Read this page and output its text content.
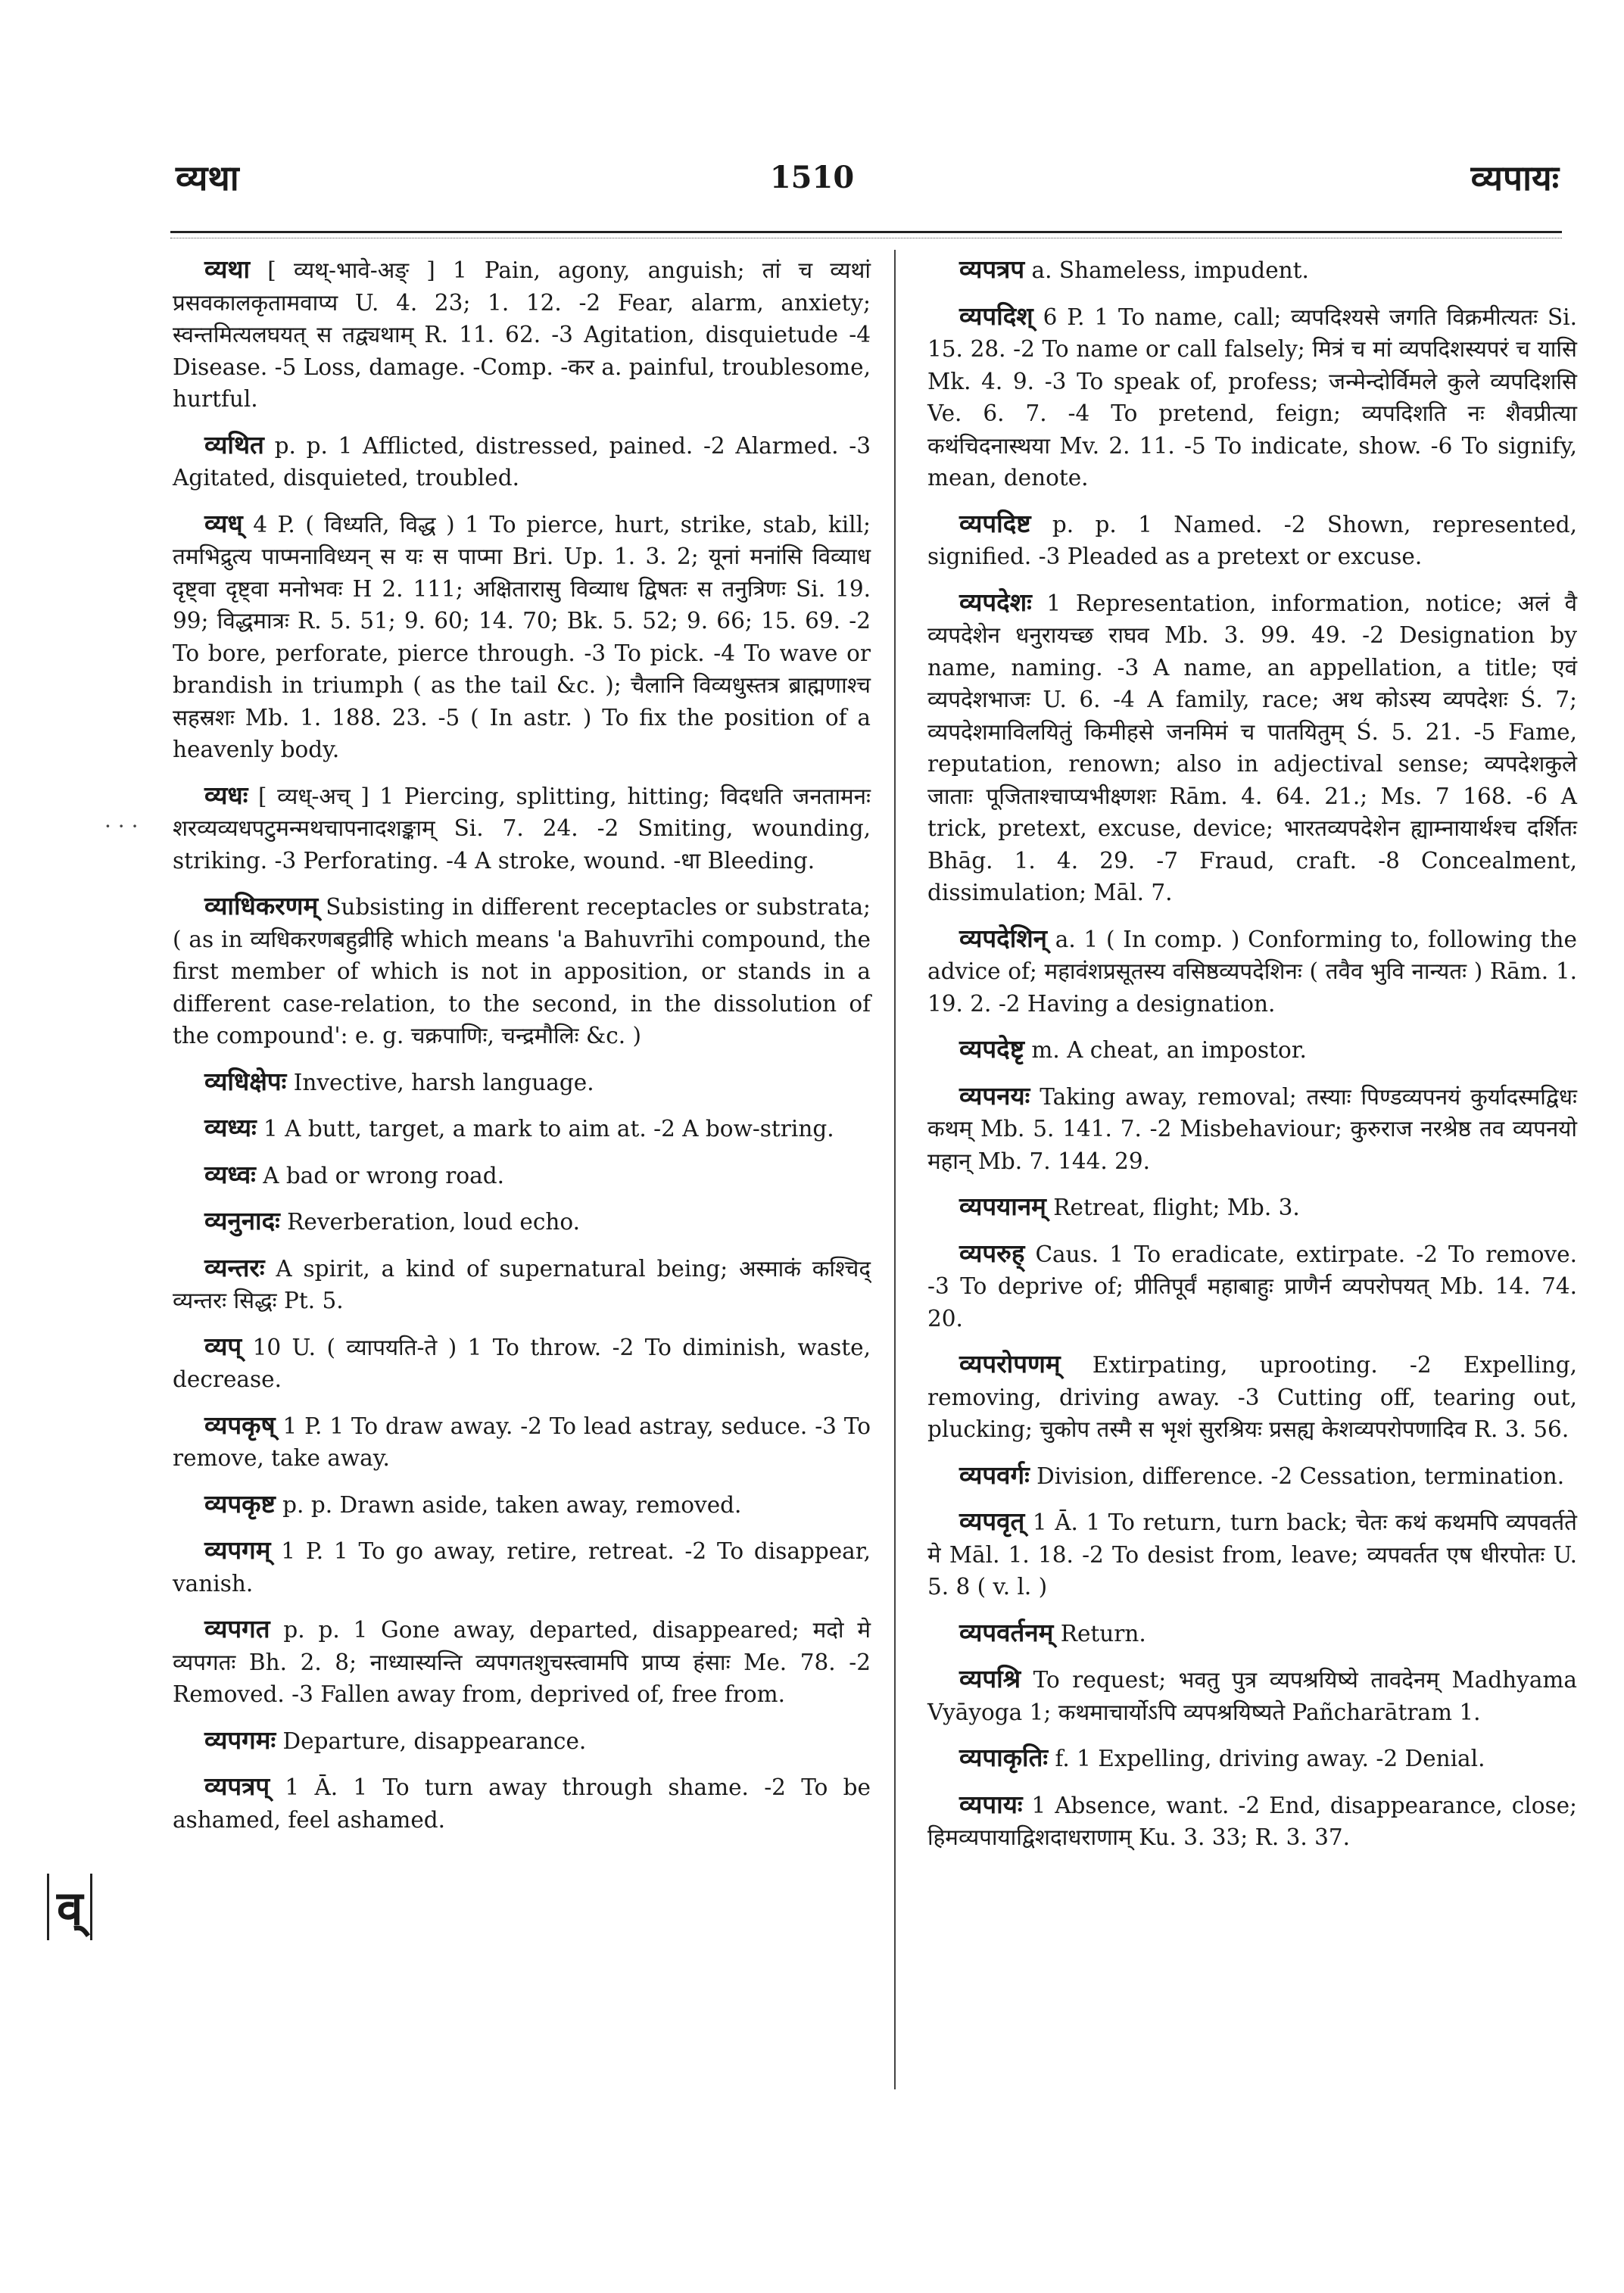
व्यथा	1510	व्यपायः
· · ·
व्

व्यथा [ व्यथ्-भावे-अङ् ] 1 Pain, agony, anguish; तां च व्यथां प्रसवकालकृतामवाप्य U. 4. 23; 1. 12. -2 Fear, alarm, anxiety; स्वन्तमित्यलघयत् स तद्व्यथाम् R. 11. 62. -3 Agitation, disquietude -4 Disease. -5 Loss, damage. -Comp. -कर a. painful, troublesome, hurtful.

व्यथित p. p. 1 Afflicted, distressed, pained. -2 Alarmed. -3 Agitated, disquieted, troubled.

व्यध् 4 P. ( विध्यति, विद्ध ) 1 To pierce, hurt, strike, stab, kill; तमभिद्रुत्य पाप्मनाविध्यन् स यः स पाप्मा Bri. Up. 1. 3. 2; यूनां मनांसि विव्याध दृष्ट्वा दृष्ट्वा मनोभवः H 2. 111; अक्षितारासु विव्याध द्विषतः स तनुत्रिणः Si. 19. 99; विद्धमात्रः R. 5. 51; 9. 60; 14. 70; Bk. 5. 52; 9. 66; 15. 69. -2 To bore, perforate, pierce through. -3 To pick. -4 To wave or brandish in triumph ( as the tail &c. ); चैलानि विव्यधुस्तत्र ब्राह्मणाश्च सहस्रशः Mb. 1. 188. 23. -5 ( In astr. ) To fix the position of a heavenly body.

व्यधः [ व्यध्-अच् ] 1 Piercing, splitting, hitting; विदधति जनतामनः शरव्यव्यधपटुमन्मथचापनादशङ्काम् Si. 7. 24. -2 Smiting, wounding, striking. -3 Perforating. -4 A stroke, wound. -धा Bleeding.

व्याधिकरणम् Subsisting in different receptacles or substrata; ( as in व्यधिकरणबहुव्रीहि which means 'a Bahuvrīhi compound, the first member of which is not in apposition, or stands in a different case-relation, to the second, in the dissolution of the compound': e. g. चक्रपाणिः, चन्द्रमौलिः &c. )

व्यधिक्षेपः Invective, harsh language.

व्यध्यः 1 A butt, target, a mark to aim at. -2 A bow-string.

व्यध्वः A bad or wrong road.

व्यनुनादः Reverberation, loud echo.

व्यन्तरः A spirit, a kind of supernatural being; अस्माकं कश्चिद् व्यन्तरः सिद्धः Pt. 5.

व्यप् 10 U. ( व्यापयति-ते ) 1 To throw. -2 To diminish, waste, decrease.

व्यपकृष् 1 P. 1 To draw away. -2 To lead astray, seduce. -3 To remove, take away.

व्यपकृष्ट p. p. Drawn aside, taken away, removed.

व्यपगम् 1 P. 1 To go away, retire, retreat. -2 To disappear, vanish.

व्यपगत p. p. 1 Gone away, departed, disappeared; मदो मे व्यपगतः Bh. 2. 8; नाध्यास्यन्ति व्यपगतशुचस्त्वामपि प्राप्य हंसाः Me. 78. -2 Removed. -3 Fallen away from, deprived of, free from.

व्यपगमः Departure, disappearance.

व्यपत्रप् 1 Ā. 1 To turn away through shame. -2 To be ashamed, feel ashamed.

व्यपत्रप a. Shameless, impudent.

व्यपदिश् 6 P. 1 To name, call; व्यपदिश्यसे जगति विक्रमीत्यतः Si. 15. 28. -2 To name or call falsely; मित्रं च मां व्यपदिशस्यपरं च यासि Mk. 4. 9. -3 To speak of, profess; जन्मेन्दोर्विमले कुले व्यपदिशसि Ve. 6. 7. -4 To pretend, feign; व्यपदिशति नः शैवप्रीत्या कथंचिदनास्थया Mv. 2. 11. -5 To indicate, show. -6 To signify, mean, denote.

व्यपदिष्ट p. p. 1 Named. -2 Shown, represented, signified. -3 Pleaded as a pretext or excuse.

व्यपदेशः 1 Representation, information, notice; अलं वै व्यपदेशेन धनुरायच्छ राघव Mb. 3. 99. 49. -2 Designation by name, naming. -3 A name, an appellation, a title; एवं व्यपदेशभाजः U. 6. -4 A family, race; अथ कोऽस्य व्यपदेशः Ś. 7; व्यपदेशमाविलयितुं किमीहसे जनमिमं च पातयितुम् Ś. 5. 21. -5 Fame, reputation, renown; also in adjectival sense; व्यपदेशकुले जाताः पूजिताश्चाप्यभीक्ष्णशः Rām. 4. 64. 21.; Ms. 7 168. -6 A trick, pretext, excuse, device; भारतव्यपदेशेन ह्याम्नायार्थश्च दर्शितः Bhāg. 1. 4. 29. -7 Fraud, craft. -8 Concealment, dissimulation; Māl. 7.

व्यपदेशिन् a. 1 ( In comp. ) Conforming to, following the advice of; महावंशप्रसूतस्य वसिष्ठव्यपदेशिनः ( तवैव भुवि नान्यतः ) Rām. 1. 19. 2. -2 Having a designation.

व्यपदेष्टृ m. A cheat, an impostor.

व्यपनयः Taking away, removal; तस्याः पिण्डव्यपनयं कुर्यादस्मद्विधः कथम् Mb. 5. 141. 7. -2 Misbehaviour; कुरुराज नरश्रेष्ठ तव व्यपनयो महान् Mb. 7. 144. 29.

व्यपयानम् Retreat, flight; Mb. 3.

व्यपरुह् Caus. 1 To eradicate, extirpate. -2 To remove. -3 To deprive of; प्रीतिपूर्वं महाबाहुः प्राणैर्न व्यपरोपयत् Mb. 14. 74. 20.

व्यपरोपणम् Extirpating, uprooting. -2 Expelling, removing, driving away. -3 Cutting off, tearing out, plucking; चुकोप तस्मै स भृशं सुरश्रियः प्रसह्य केशव्यपरोपणादिव R. 3. 56.

व्यपवर्गः Division, difference. -2 Cessation, termination.

व्यपवृत् 1 Ā. 1 To return, turn back; चेतः कथं कथमपि व्यपवर्तते मे Māl. 1. 18. -2 To desist from, leave; व्यपवर्तत एष धीरपोतः U. 5. 8 ( v. l. )

व्यपवर्तनम् Return.

व्यपश्रि To request; भवतु पुत्र व्यपश्रयिष्ये तावदेनम् Madhyama Vyāyoga 1; कथमाचार्योऽपि व्यपश्रयिष्यते Pañcharātram 1.

व्यपाकृतिः f. 1 Expelling, driving away. -2 Denial.

व्यपायः 1 Absence, want. -2 End, disappearance, close; हिमव्यपायाद्विशदाधराणाम् Ku. 3. 33; R. 3. 37.
